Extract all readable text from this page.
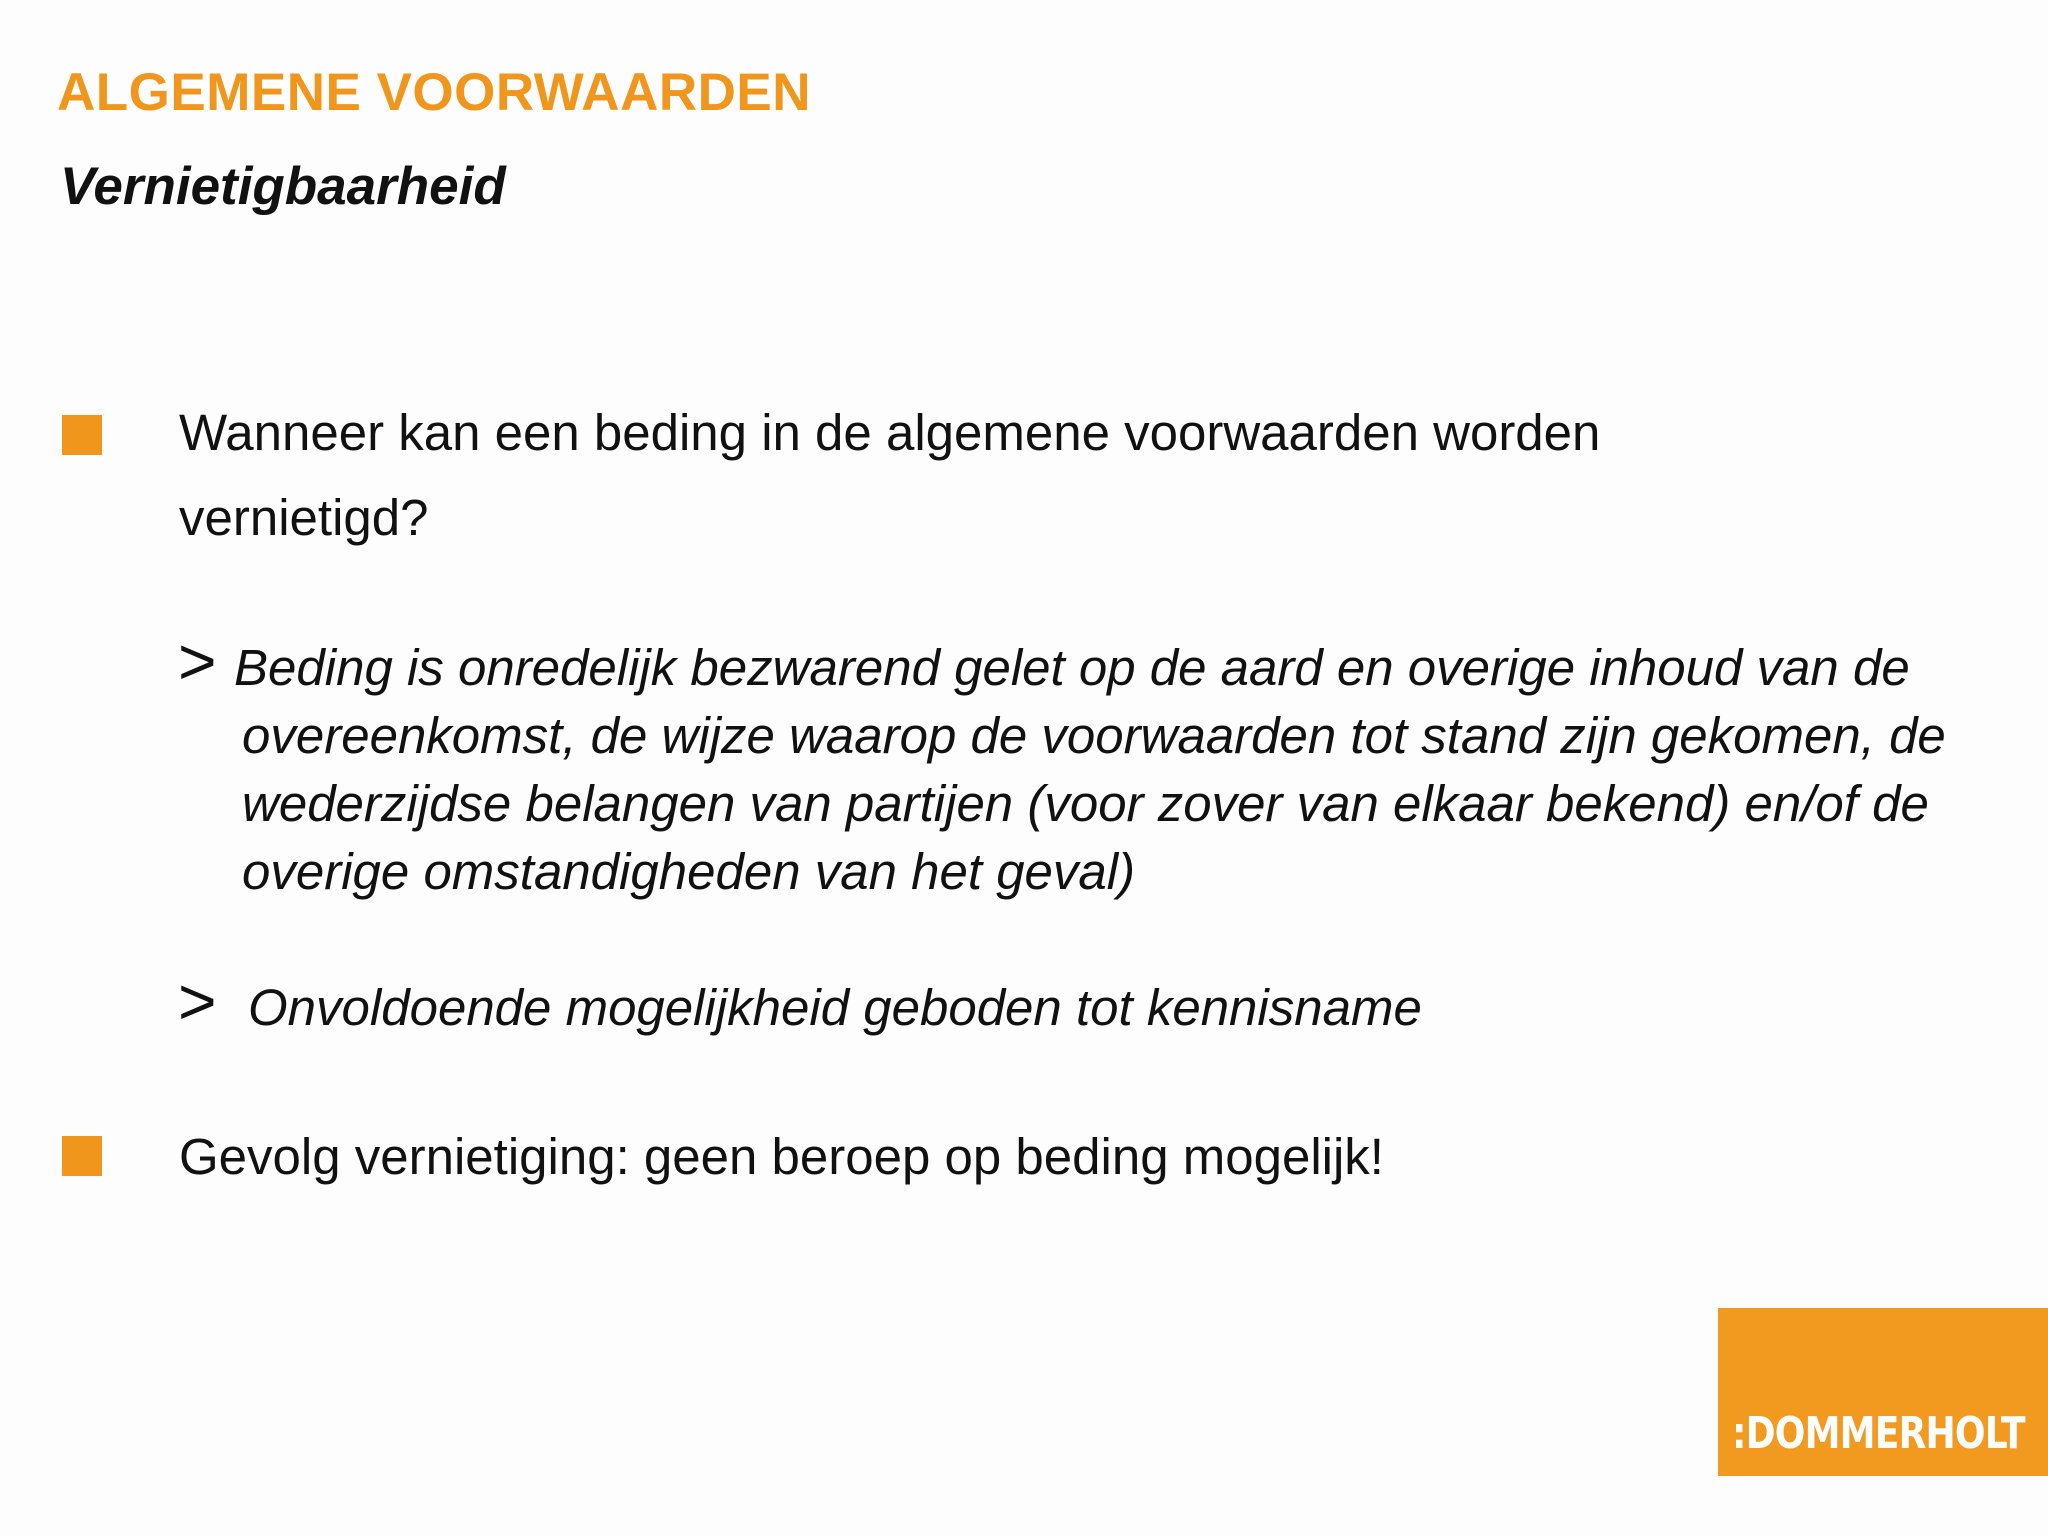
ALGEMENE VOORWAARDEN
Vernietigbaarheid
Wanneer kan een beding in de algemene voorwaarden worden vernietigd?
> Beding is onredelijk bezwarend gelet op de aard en overige inhoud van de overeenkomst, de wijze waarop de voorwaarden tot stand zijn gekomen, de wederzijdse belangen van partijen (voor zover van elkaar bekend) en/of de overige omstandigheden van het geval)
> Onvoldoende mogelijkheid geboden tot kennisname
Gevolg vernietiging: geen beroep op beding mogelijk!
:DOMMERHOLT
